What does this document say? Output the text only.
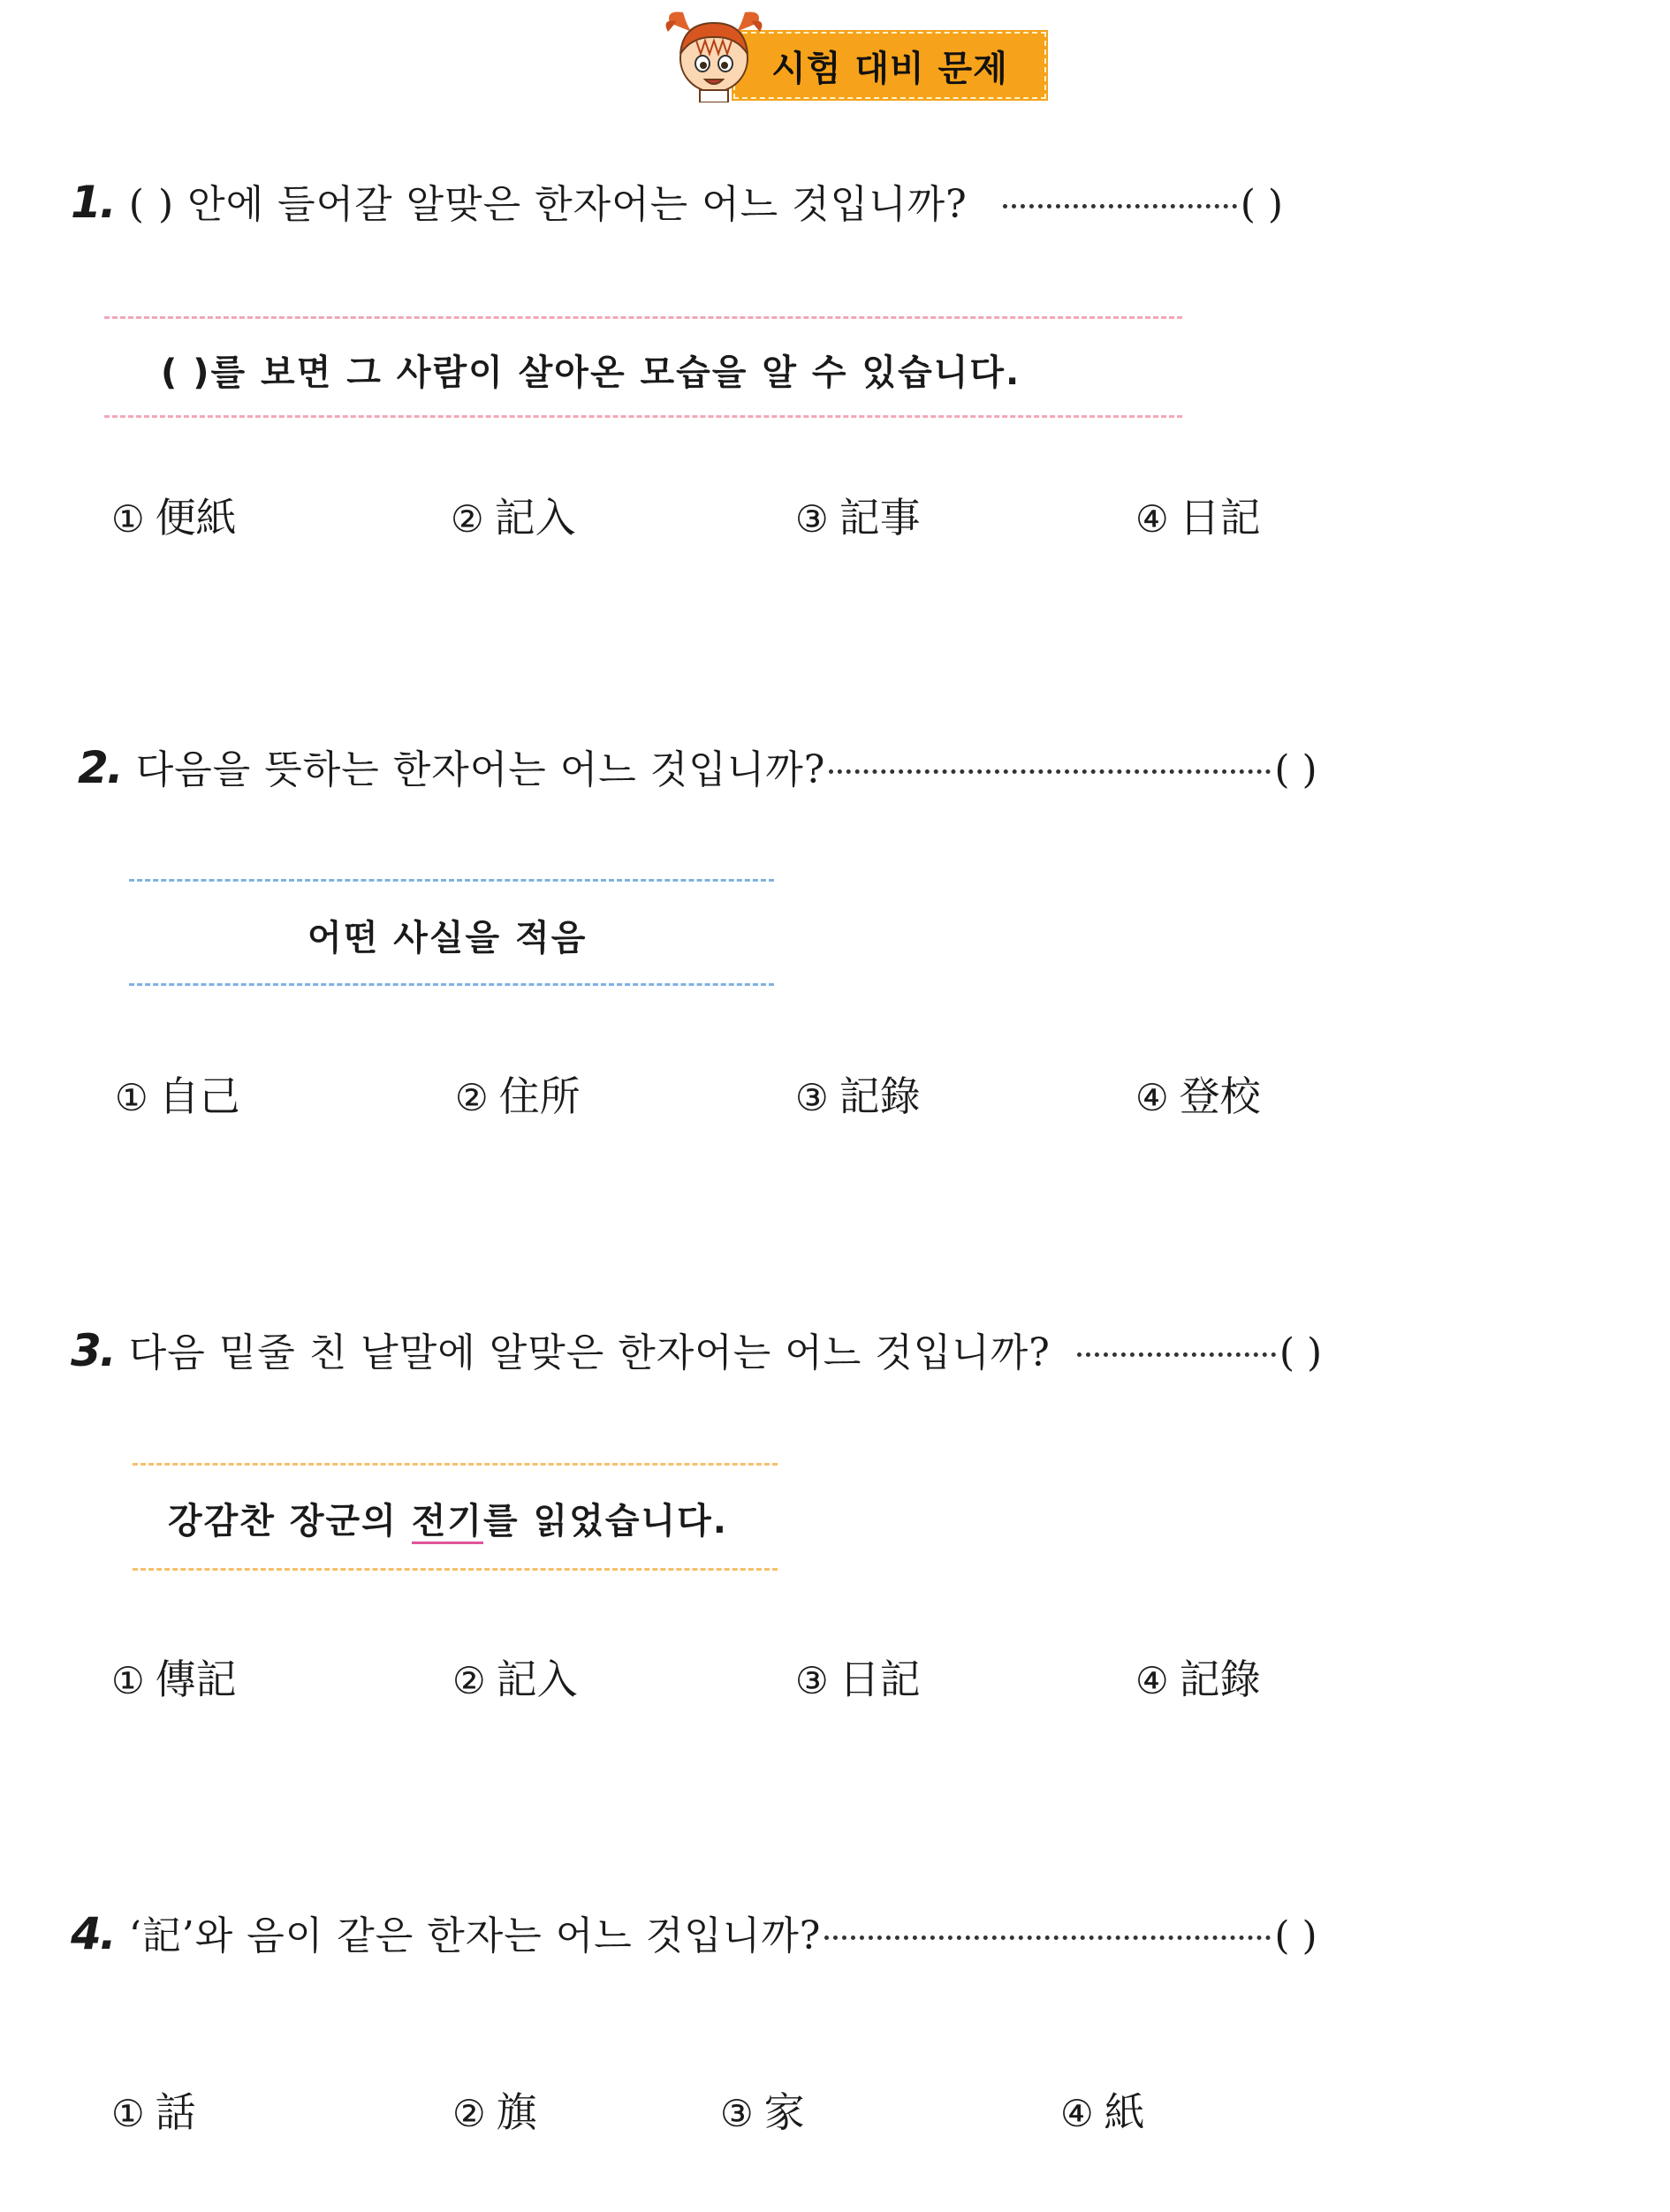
시험 대비 문제
1. ( ) 안에 들어갈 알맞은 한자어는 어느 것입니까?	( )
( )를 보면 그 사람이 살아온 모습을 알 수 있습니다.
① 便紙	② 記入	③ 記事	④ 日記
2. 다음을 뜻하는 한자어는 어느 것입니까?	( )
어떤 사실을 적음
① 自己	② 住所	③ 記錄	④ 登校
3. 다음 밑줄 친 낱말에 알맞은 한자어는 어느 것입니까?	( )
강감찬 장군의 전기를 읽었습니다.
① 傳記	② 記入	③ 日記	④ 記錄
4. ‘記’와 음이 같은 한자는 어느 것입니까?	( )
① 話	② 旗	③ 家	④ 紙
